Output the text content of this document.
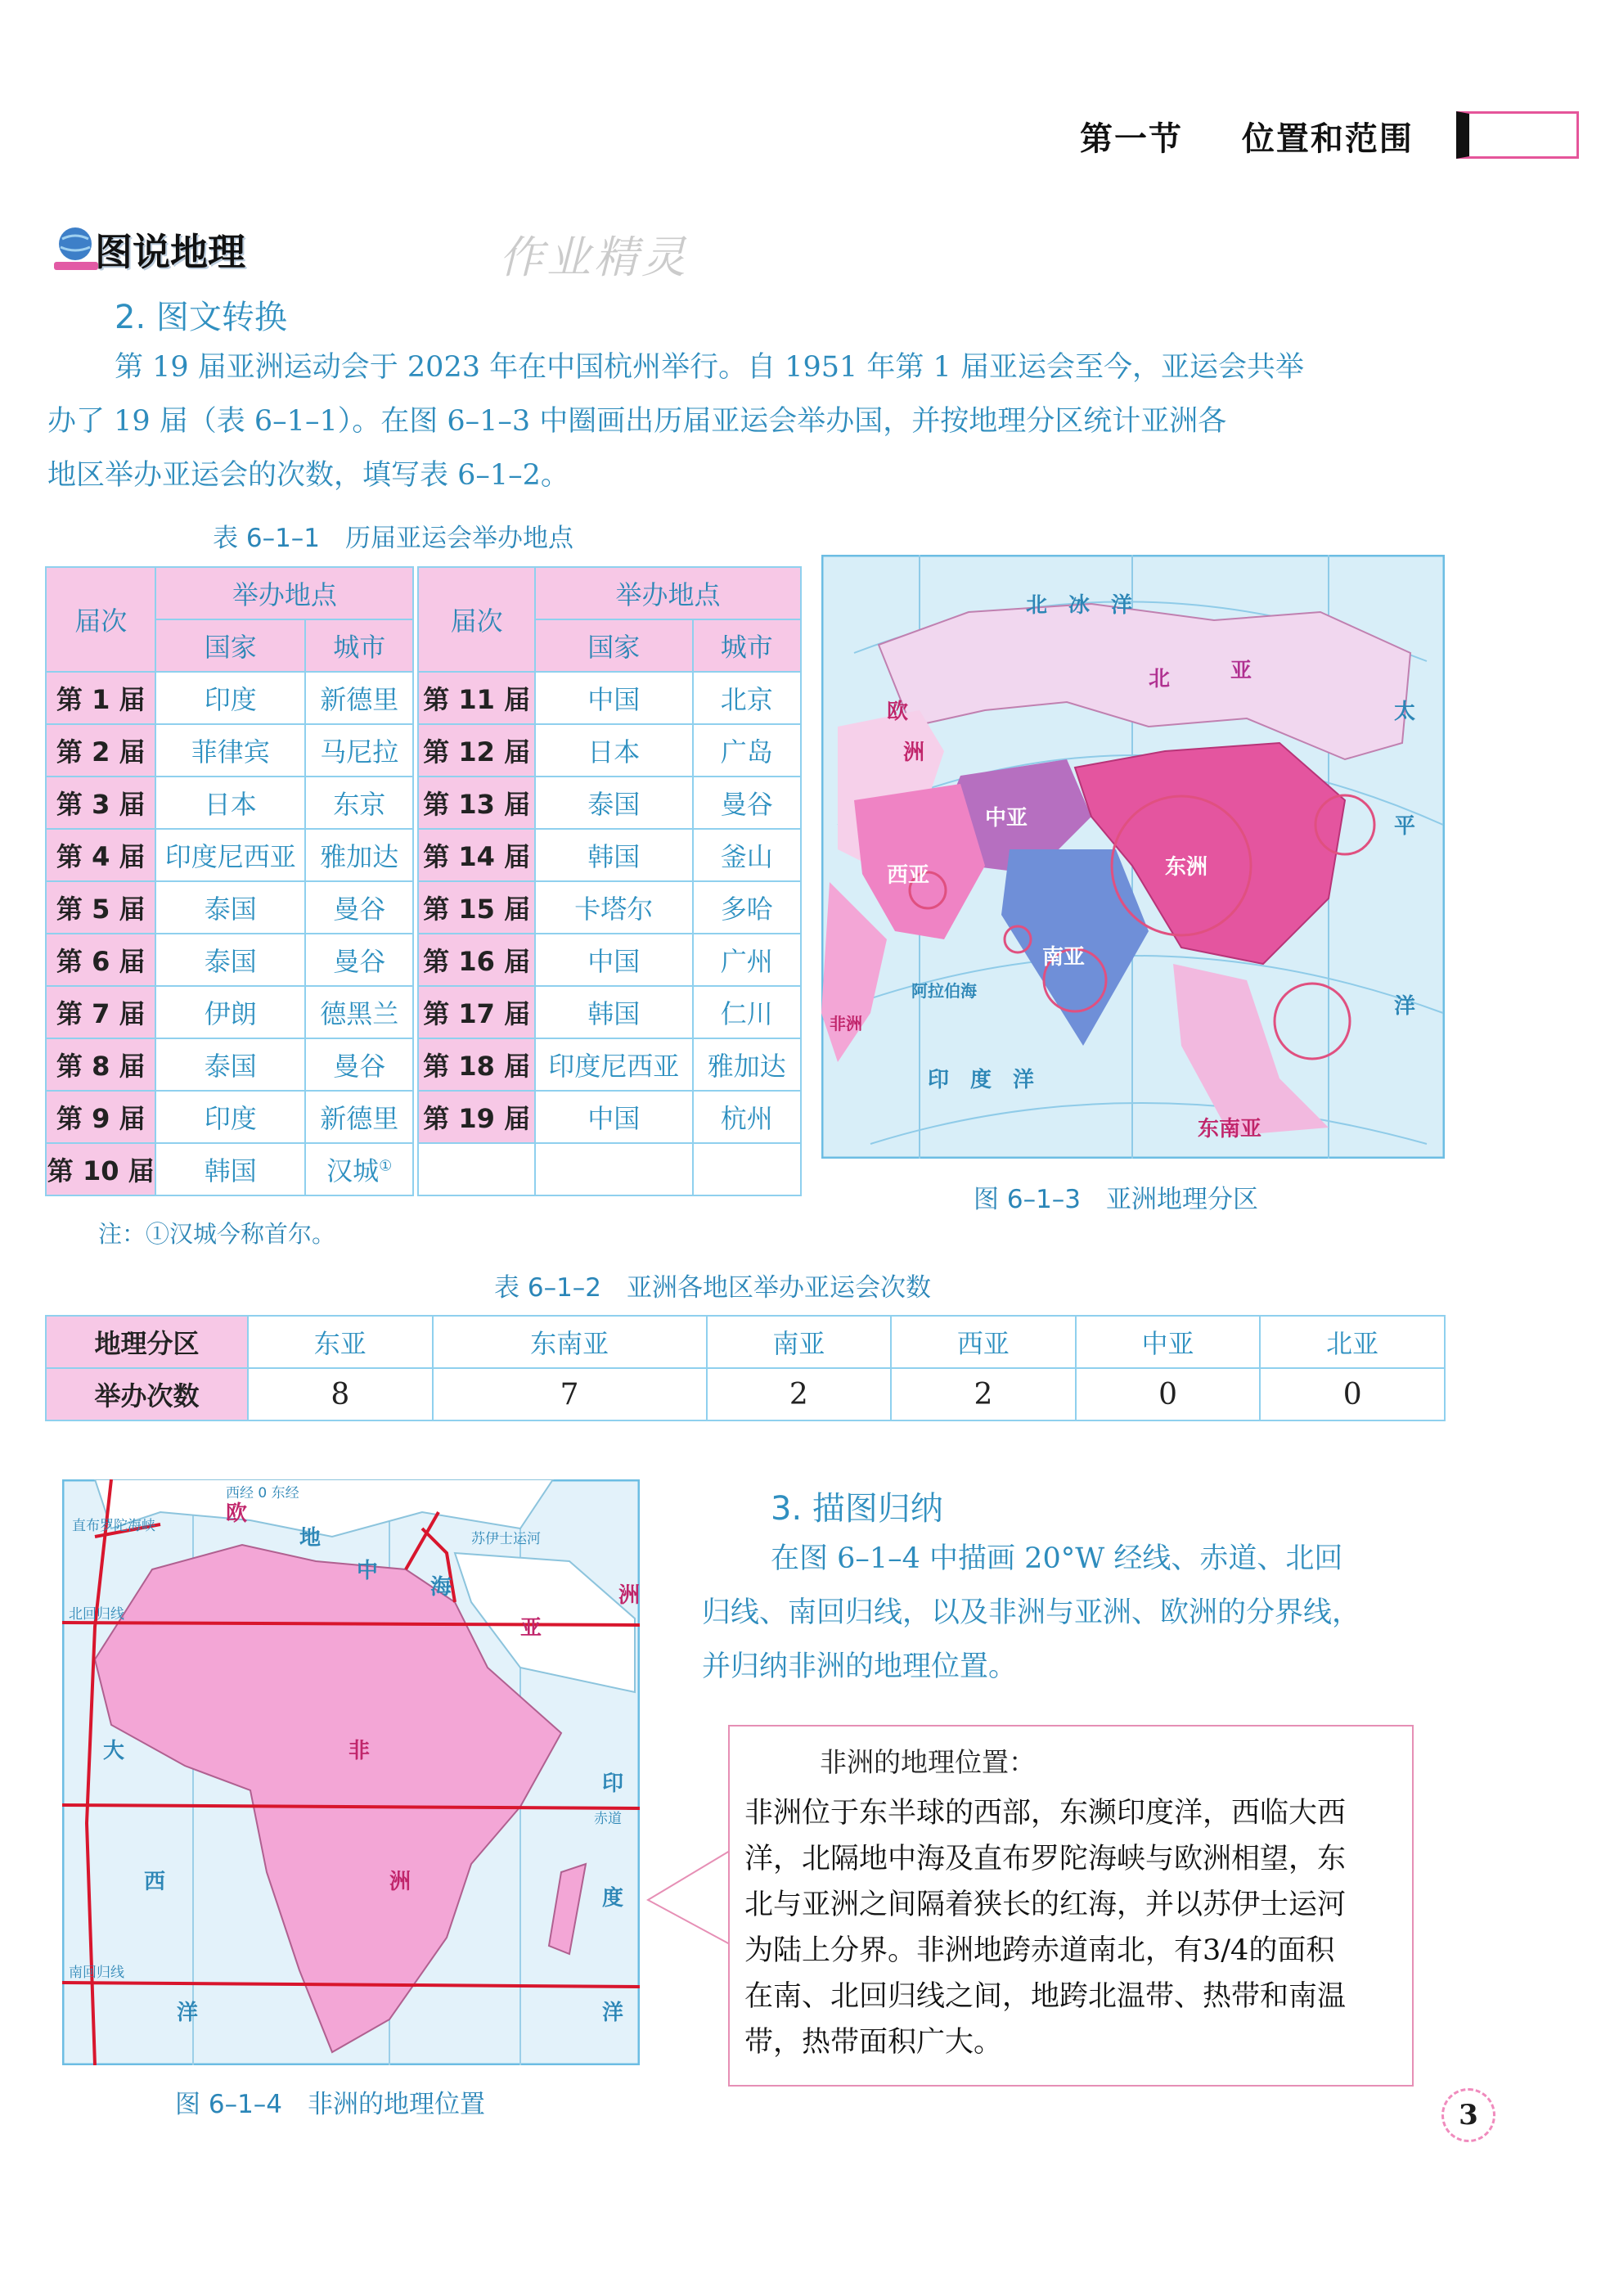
第一节 位置和范围
图说地理	作业精灵
2. 图文转换
第 19 届亚洲运动会于 2023 年在中国杭州举行。自 1951 年第 1 届亚运会至今，亚运会共举
办了 19 届（表 6–1–1）。在图 6–1–3 中圈画出历届亚运会举办国，并按地理分区统计亚洲各
地区举办亚运会的次数，填写表 6–1–2。
表 6–1–1　历届亚运会举办地点
届次	举办地点			届次	举办地点	
	国家	城市			国家	城市
第 1 届	印度	新德里		第 11 届	中国	北京
第 2 届	菲律宾	马尼拉		第 12 届	日本	广岛
第 3 届	日本	东京		第 13 届	泰国	曼谷
第 4 届	印度尼西亚	雅加达		第 14 届	韩国	釜山
第 5 届	泰国	曼谷		第 15 届	卡塔尔	多哈
第 6 届	泰国	曼谷		第 16 届	中国	广州
第 7 届	伊朗	德黑兰		第 17 届	韩国	仁川
第 8 届	泰国	曼谷		第 18 届	印度尼西亚	雅加达
第 9 届	印度	新德里		第 19 届	中国	杭州
第 10 届	韩国	汉城①			
注：①汉城今称首尔。
欧
洲
北　冰　洋
北	亚
太
平
洋
中亚
西亚	东洲
南亚
阿拉伯海
印　度　洋
东南亚
非洲
图 6–1–3　亚洲地理分区
表 6–1–2　亚洲各地区举办亚运会次数
地理分区	东亚	东南亚	南亚	西亚	中亚	北亚
举办次数	8	7	2	2	0	0
欧
地
中
海
亚
洲
非
洲
大
西
洋
印
度
洋
苏伊士运河
直布罗陀海峡
西经 0 东经
北回归线
南回归线
赤道
图 6–1–4　非洲的地理位置
3. 描图归纳
在图 6–1–4 中描画 20°W 经线、赤道、北回
归线、南回归线，以及非洲与亚洲、欧洲的分界线，
并归纳非洲的地理位置。
非洲的地理位置：
非洲位于东半球的西部，东濒印度洋，西临大西
洋，北隔地中海及直布罗陀海峡与欧洲相望，东
北与亚洲之间隔着狭长的红海，并以苏伊士运河
为陆上分界。非洲地跨赤道南北，有3/4的面积
在南、北回归线之间，地跨北温带、热带和南温
带，热带面积广大。
3
